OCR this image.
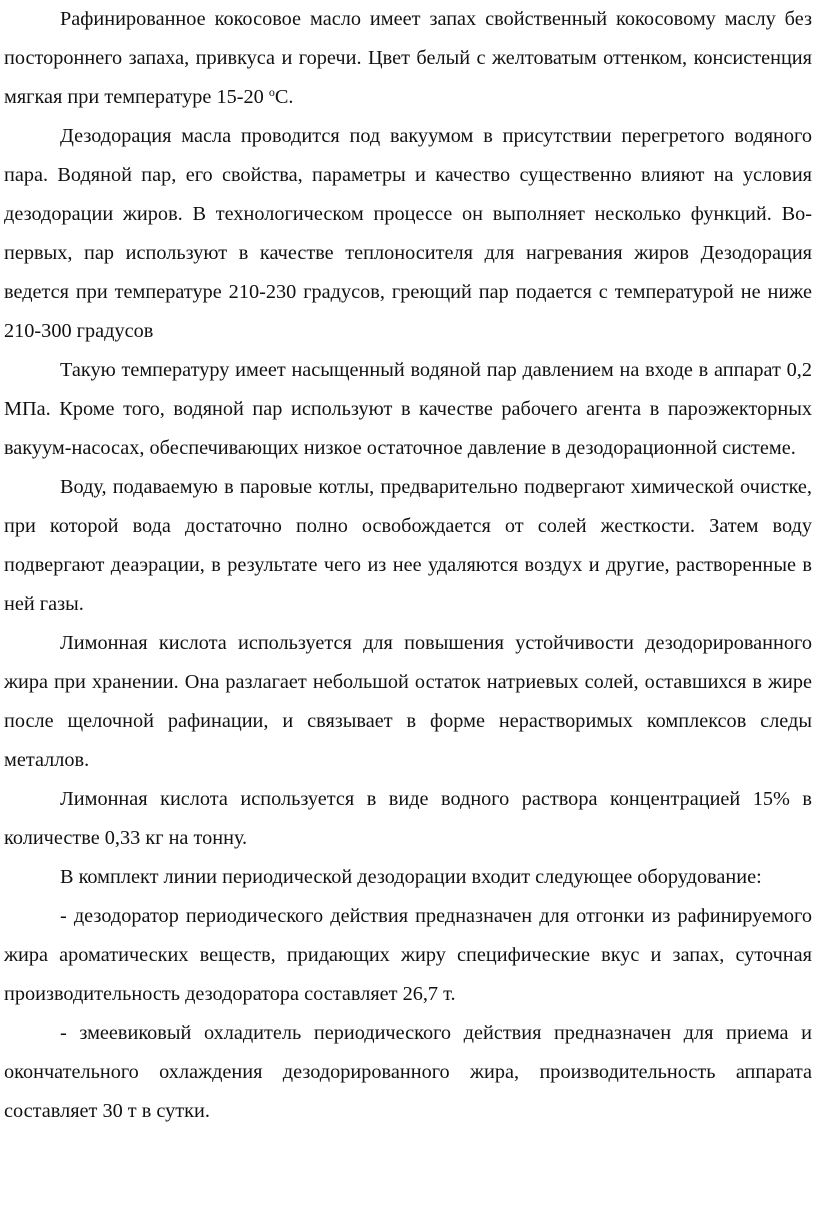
Рафинированное кокосовое масло имеет запах свойственный кокосовому маслу без постороннего запаха, привкуса и горечи. Цвет белый с желтоватым оттенком, консистенция мягкая при температуре 15-20 $^о$С.

Дезодорация масла проводится под вакуумом в присутствии перегретого водяного пара. Водяной пар, его свойства, параметры и качество существенно влияют на условия дезодорации жиров. В технологическом процессе он выполняет несколько функций. Во-первых, пар используют в качестве теплоносителя для нагревания жиров Дезодорация ведется при температуре 210-230 градусов, греющий пар подается с температурой не ниже 210-300 градусов

Такую температуру имеет насыщенный водяной пар давлением на входе в аппарат 0,2 МПа. Кроме того, водяной пар используют в качестве рабочего агента в пароэжекторных вакуум-насосах, обеспечивающих низкое остаточное давление в дезодорационной системе.

Воду, подаваемую в паровые котлы, предварительно подвергают химической очистке, при которой вода достаточно полно освобождается от солей жесткости. Затем воду подвергают деаэрации, в результате чего из нее удаляются воздух и другие, растворенные в ней газы.

Лимонная кислота используется для повышения устойчивости дезодорированного жира при хранении. Она разлагает небольшой остаток натриевых солей, оставшихся в жире после щелочной рафинации, и связывает в форме нерастворимых комплексов следы металлов.

Лимонная кислота используется в виде водного раствора концентрацией 15% в количестве 0,33 кг на тонну.

В комплект линии периодической дезодорации входит следующее оборудование:

- дезодоратор периодического действия предназначен для отгонки из рафинируемого жира ароматических веществ, придающих жиру специфические вкус и запах, суточная производительность дезодоратора составляет 26,7 т.

- змеевиковый охладитель периодического действия предназначен для приема и окончательного охлаждения дезодорированного жира, производительность аппарата составляет 30 т в сутки.
